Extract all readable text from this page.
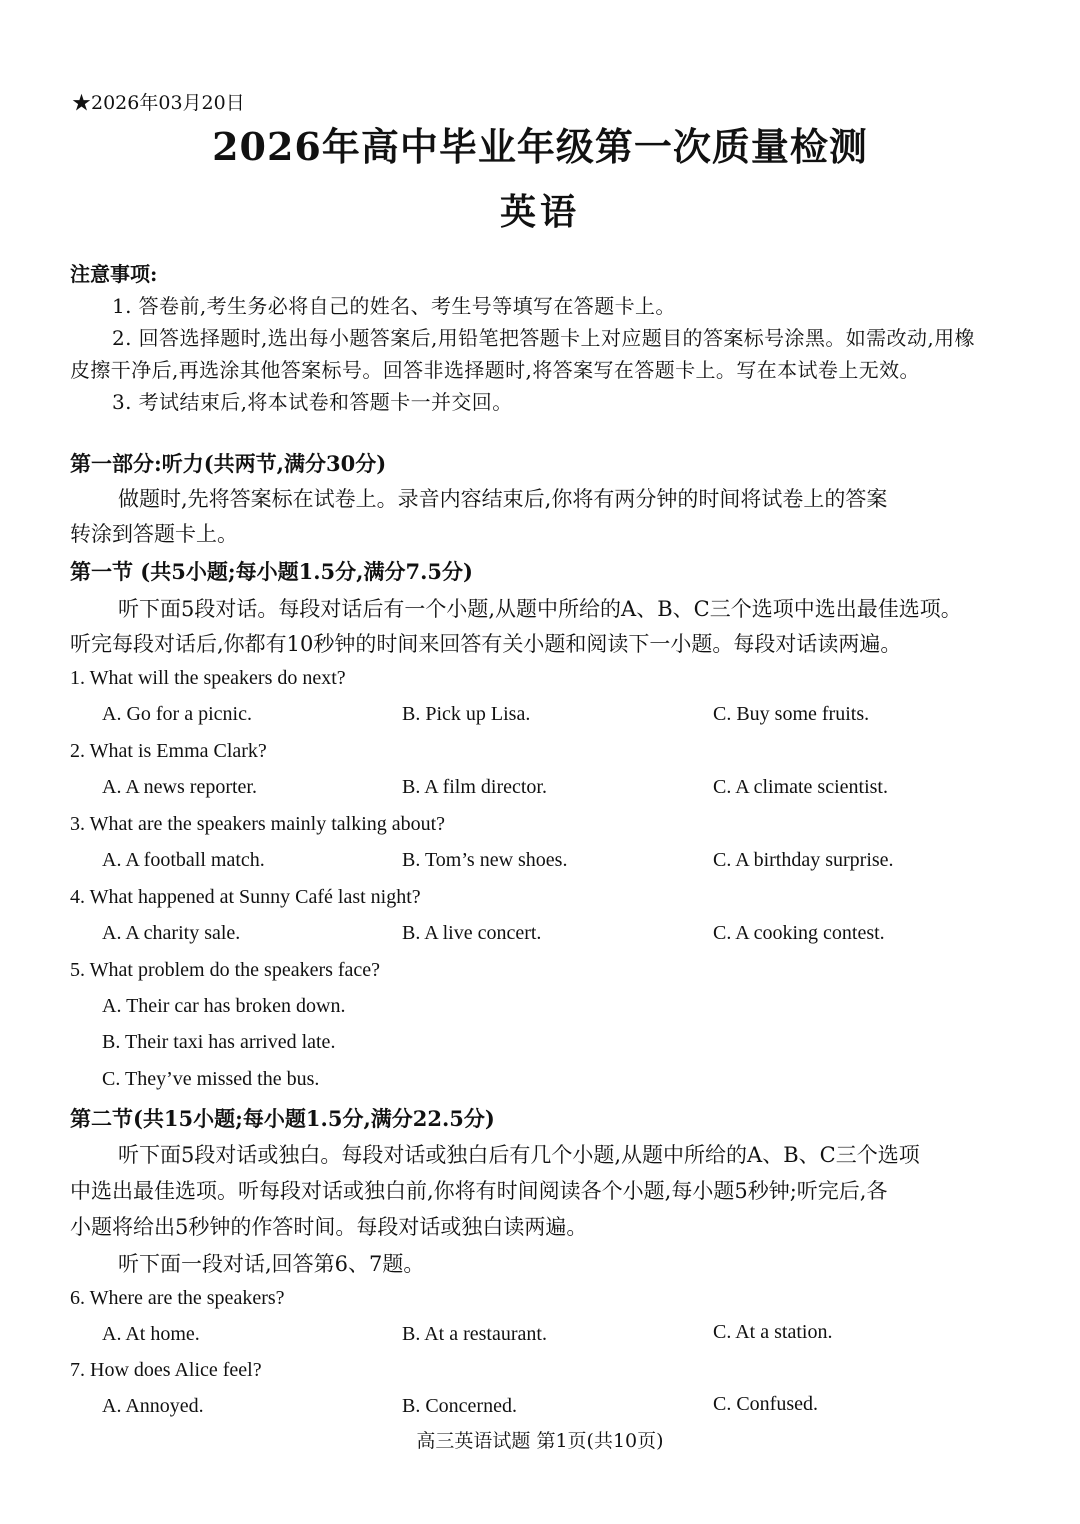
★2026年03月20日
2026年高中毕业年级第一次质量检测
英语
注意事项:
1. 答卷前,考生务必将自己的姓名、考生号等填写在答题卡上。
2. 回答选择题时,选出每小题答案后,用铅笔把答题卡上对应题目的答案标号涂黑。如需改动,用橡
皮擦干净后,再选涂其他答案标号。回答非选择题时,将答案写在答题卡上。写在本试卷上无效。
3. 考试结束后,将本试卷和答题卡一并交回。
第一部分:听力(共两节,满分30分)
做题时,先将答案标在试卷上。录音内容结束后,你将有两分钟的时间将试卷上的答案
转涂到答题卡上。
第一节 (共5小题;每小题1.5分,满分7.5分)
听下面5段对话。每段对话后有一个小题,从题中所给的A、B、C三个选项中选出最佳选项。
听完每段对话后,你都有10秒钟的时间来回答有关小题和阅读下一小题。每段对话读两遍。
1. What will the speakers do next?
A. Go for a picnic.	B. Pick up Lisa.	C. Buy some fruits.
2. What is Emma Clark?
A. A news reporter.	B. A film director.	C. A climate scientist.
3. What are the speakers mainly talking about?
A. A football match.	B. Tom’s new shoes.	C. A birthday surprise.
4. What happened at Sunny Café last night?
A. A charity sale.	B. A live concert.	C. A cooking contest.
5. What problem do the speakers face?
A. Their car has broken down.
B. Their taxi has arrived late.
C. They’ve missed the bus.
第二节(共15小题;每小题1.5分,满分22.5分)
听下面5段对话或独白。每段对话或独白后有几个小题,从题中所给的A、B、C三个选项
中选出最佳选项。听每段对话或独白前,你将有时间阅读各个小题,每小题5秒钟;听完后,各
小题将给出5秒钟的作答时间。每段对话或独白读两遍。
听下面一段对话,回答第6、7题。
6. Where are the speakers?
A. At home.	B. At a restaurant.	C. At a station.
7. How does Alice feel?
A. Annoyed.	B. Concerned.	C. Confused.
高三英语试题 第1页(共10页)
